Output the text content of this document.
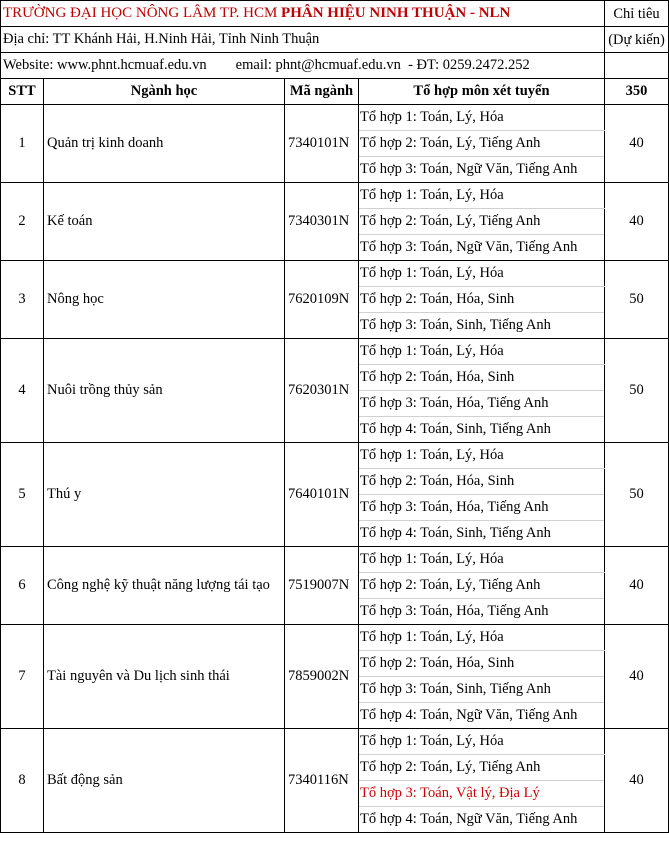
TRƯỜNG ĐẠI HỌC NÔNG LÂM TP. HCM PHÂN HIỆU NINH THUẬN - NLN				Chỉ tiêu
Địa chỉ: TT Khánh Hải, H.Ninh Hải, Tỉnh Ninh Thuận				(Dự kiến)
Website: www.phnt.hcmuaf.edu.vn        email: phnt@hcmuaf.edu.vn  - ĐT: 0259.2472.252				
STT	Ngành học	Mã ngành	Tổ hợp môn xét tuyển	350
1	Quản trị kinh doanh	7340101N	Tổ hợp 1: Toán, Lý, Hóa	40
			Tổ hợp 2: Toán, Lý, Tiếng Anh	
			Tổ hợp 3: Toán, Ngữ Văn, Tiếng Anh	
2	Kế toán	7340301N	Tổ hợp 1: Toán, Lý, Hóa	40
			Tổ hợp 2: Toán, Lý, Tiếng Anh	
			Tổ hợp 3: Toán, Ngữ Văn, Tiếng Anh	
3	Nông học	7620109N	Tổ hợp 1: Toán, Lý, Hóa	50
			Tổ hợp 2: Toán, Hóa, Sinh	
			Tổ hợp 3: Toán, Sinh, Tiếng Anh	
4	Nuôi trồng thủy sản	7620301N	Tổ hợp 1: Toán, Lý, Hóa	50
			Tổ hợp 2: Toán, Hóa, Sinh	
			Tổ hợp 3: Toán, Hóa, Tiếng Anh	
			Tổ hợp 4: Toán, Sinh, Tiếng Anh	
5	Thú y	7640101N	Tổ hợp 1: Toán, Lý, Hóa	50
			Tổ hợp 2: Toán, Hóa, Sinh	
			Tổ hợp 3: Toán, Hóa, Tiếng Anh	
			Tổ hợp 4: Toán, Sinh, Tiếng Anh	
6	Công nghệ kỹ thuật năng lượng tái tạo	7519007N	Tổ hợp 1: Toán, Lý, Hóa	40
			Tổ hợp 2: Toán, Lý, Tiếng Anh	
			Tổ hợp 3: Toán, Hóa, Tiếng Anh	
7	Tài nguyên và Du lịch sinh thái	7859002N	Tổ hợp 1: Toán, Lý, Hóa	40
			Tổ hợp 2: Toán, Hóa, Sinh	
			Tổ hợp 3: Toán, Sinh, Tiếng Anh	
			Tổ hợp 4: Toán, Ngữ Văn, Tiếng Anh	
8	Bất động sản	7340116N	Tổ hợp 1: Toán, Lý, Hóa	40
			Tổ hợp 2: Toán, Lý, Tiếng Anh	
			Tổ hợp 3: Toán, Vật lý, Địa Lý	
			Tổ hợp 4: Toán, Ngữ Văn, Tiếng Anh	
